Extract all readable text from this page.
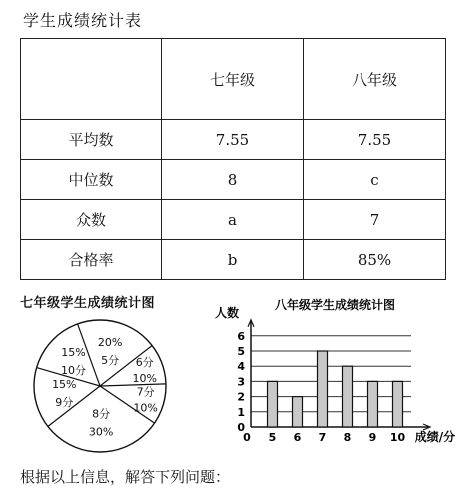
学生成绩统计表
	七年级	八年级
平均数	7.55	7.55
中位数	8	c
众数	a	7
合格率	b	85%
七年级学生成绩统计图
20%
5分 6分
10%
7分
10%
8分
30%
15%
9分
15%
10分
八年级学生成绩统计图
人数
0
1
2
3
4
5
6
0 5 6 7 8 9 10 成绩/分
根据以上信息，解答下列问题：
